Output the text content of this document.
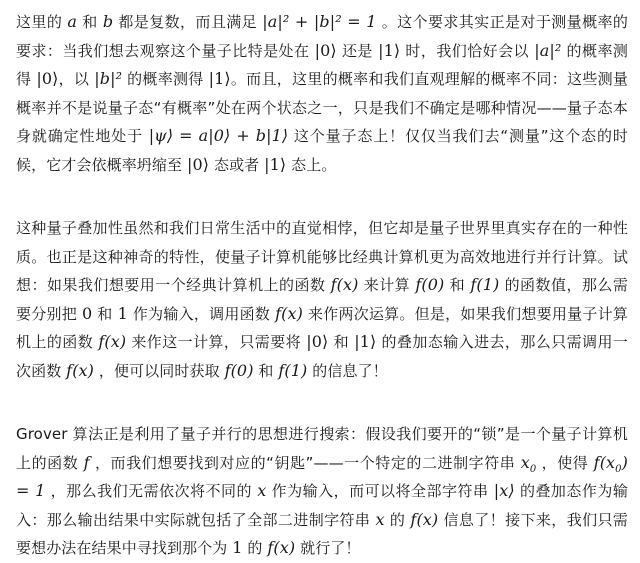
这里的 a 和 b 都是复数，而且满足 |a|² + |b|² = 1 。这个要求其实正是对于测量概率的要求：当我们想去观察这个量子比特是处在 |0⟩ 还是 |1⟩ 时，我们恰好会以 |a|² 的概率测得 |0⟩，以 |b|² 的概率测得 |1⟩。而且，这里的概率和我们直观理解的概率不同：这些测量概率并不是说量子态“有概率”处在两个状态之一，只是我们不确定是哪种情况——量子态本身就确定性地处于 |ψ⟩ = a|0⟩ + b|1⟩ 这个量子态上！仅仅当我们去“测量”这个态的时候，它才会依概率坍缩至 |0⟩ 态或者 |1⟩ 态上。

这种量子叠加性虽然和我们日常生活中的直觉相悖，但它却是量子世界里真实存在的一种性质。也正是这种神奇的特性，使量子计算机能够比经典计算机更为高效地进行并行计算。试想：如果我们想要用一个经典计算机上的函数 f(x) 来计算 f(0) 和 f(1) 的函数值，那么需要分别把 0 和 1 作为输入，调用函数 f(x) 来作两次运算。但是，如果我们想要用量子计算机上的函数 f(x) 来作这一计算，只需要将 |0⟩ 和 |1⟩ 的叠加态输入进去，那么只需调用一次函数 f(x) ，便可以同时获取 f(0) 和 f(1) 的信息了！

Grover 算法正是利用了量子并行的思想进行搜索：假设我们要开的“锁”是一个量子计算机上的函数 f ，而我们想要找到对应的“钥匙”——一个特定的二进制字符串 $x_0$ ，使得 $f(x_0) = 1$ ，那么我们无需依次将不同的 x 作为输入，而可以将全部字符串 |x⟩ 的叠加态作为输入：那么输出结果中实际就包括了全部二进制字符串 x 的 f(x) 信息了！接下来，我们只需要想办法在结果中寻找到那个为 1 的 f(x) 就行了！
